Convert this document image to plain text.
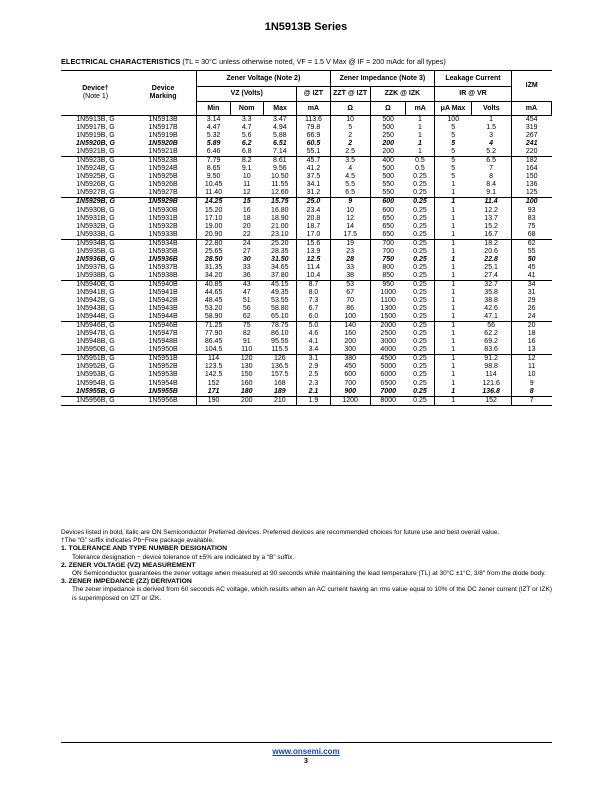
1N5913B Series
ELECTRICAL CHARACTERISTICS (TL = 30°C unless otherwise noted, VF = 1.5 V Max @ IF = 200 mAdc for all types)
Device†
(Note 1)	Device
Marking	Zener Voltage (Note 2)				Zener Impedance (Note 3)			Leakage Current		IZM
		VZ (Volts)			@ IZT	ZZT @ IZT	ZZK @ IZK		IR @ VR		
		Min	Nom	Max	mA	Ω	Ω	mA	μA Max	Volts	mA
1N5913B, G	1N5913B	3.14	3.3	3.47	113.6	10	500	1	100	1	454
1N5917B, G	1N5917B	4.47	4.7	4.94	79.8	5	500	1	5	1.5	319
1N5919B, G	1N5919B	5.32	5.6	5.88	66.9	2	250	1	5	3	267
1N5920B, G	1N5920B	5.89	6.2	6.51	60.5	2	200	1	5	4	241
1N5921B, G	1N5921B	6.46	6.8	7.14	55.1	2.5	200	1	5	5.2	220
1N5923B, G	1N5923B	7.79	8.2	8.61	45.7	3.5	400	0.5	5	6.5	182
1N5924B, G	1N5924B	8.65	9.1	9.56	41.2	4	500	0.5	5	7	164
1N5925B, G	1N5925B	9.50	10	10.50	37.5	4.5	500	0.25	5	8	150
1N5926B, G	1N5926B	10.45	11	11.55	34.1	5.5	550	0.25	1	8.4	136
1N5927B, G	1N5927B	11.40	12	12.60	31.2	6.5	550	0.25	1	9.1	125
1N5929B, G	1N5929B	14.25	15	15.75	25.0	9	600	0.25	1	11.4	100
1N5930B, G	1N5930B	15.20	16	16.80	23.4	10	600	0.25	1	12.2	93
1N5931B, G	1N5931B	17.10	18	18.90	20.8	12	650	0.25	1	13.7	83
1N5932B, G	1N5932B	19.00	20	21.00	18.7	14	650	0.25	1	15.2	75
1N5933B, G	1N5933B	20.90	22	23.10	17.0	17.5	650	0.25	1	16.7	68
1N5934B, G	1N5934B	22.80	24	25.20	15.6	19	700	0.25	1	18.2	62
1N5935B, G	1N5935B	25.65	27	28.35	13.9	23	700	0.25	1	20.6	55
1N5936B, G	1N5936B	28.50	30	31.50	12.5	28	750	0.25	1	22.8	50
1N5937B, G	1N5937B	31.35	33	34.65	11.4	33	800	0.25	1	25.1	45
1N5938B, G	1N5938B	34.20	36	37.80	10.4	38	850	0.25	1	27.4	41
1N5940B, G	1N5940B	40.85	43	45.15	8.7	53	950	0.25	1	32.7	34
1N5941B, G	1N5941B	44.65	47	49.35	8.0	67	1000	0.25	1	35.8	31
1N5942B, G	1N5942B	48.45	51	53.55	7.3	70	1100	0.25	1	38.8	29
1N5943B, G	1N5943B	53.20	56	58.80	6.7	86	1300	0.25	1	42.6	26
1N5944B, G	1N5944B	58.90	62	65.10	6.0	100	1500	0.25	1	47.1	24
1N5946B, G	1N5946B	71.25	75	78.75	5.0	140	2000	0.25	1	56	20
1N5947B, G	1N5947B	77.90	82	86.10	4.6	160	2500	0.25	1	62.2	18
1N5948B, G	1N5948B	86.45	91	95.55	4.1	200	3000	0.25	1	69.2	16
1N5950B, G	1N5950B	104.5	110	115.5	3.4	300	4000	0.25	1	83.6	13
1N5951B, G	1N5951B	114	120	126	3.1	380	4500	0.25	1	91.2	12
1N5952B, G	1N5952B	123.5	130	136.5	2.9	450	5000	0.25	1	98.8	11
1N5953B, G	1N5953B	142.5	150	157.5	2.5	600	6000	0.25	1	114	10
1N5954B, G	1N5954B	152	160	168	2.3	700	6500	0.25	1	121.6	9
1N5955B, G	1N5955B	171	180	189	2.1	900	7000	0.25	1	136.8	8
1N5956B, G	1N5956B	190	200	210	1.9	1200	8000	0.25	1	152	7
Devices listed in bold, italic are ON Semiconductor Preferred devices. Preferred devices are recommended choices for future use and best overall value.
†The “G” suffix indicates Pb−Free package available.
1. TOLERANCE AND TYPE NUMBER DESIGNATION
Tolerance designation − device tolerance of ±5% are indicated by a “B” suffix.
2. ZENER VOLTAGE (VZ) MEASUREMENT
ON Semiconductor guarantees the zener voltage when measured at 90 seconds while maintaining the lead temperature (TL) at 30°C ±1°C, 3/8″ from the diode body.
3. ZENER IMPEDANCE (ZZ) DERIVATION
The zener impedance is derived from 60 seconds AC voltage, which results when an AC current having an rms value equal to 10% of the DC zener current (IZT or IZK) is superimposed on IZT or IZK.
www.onsemi.com
3
